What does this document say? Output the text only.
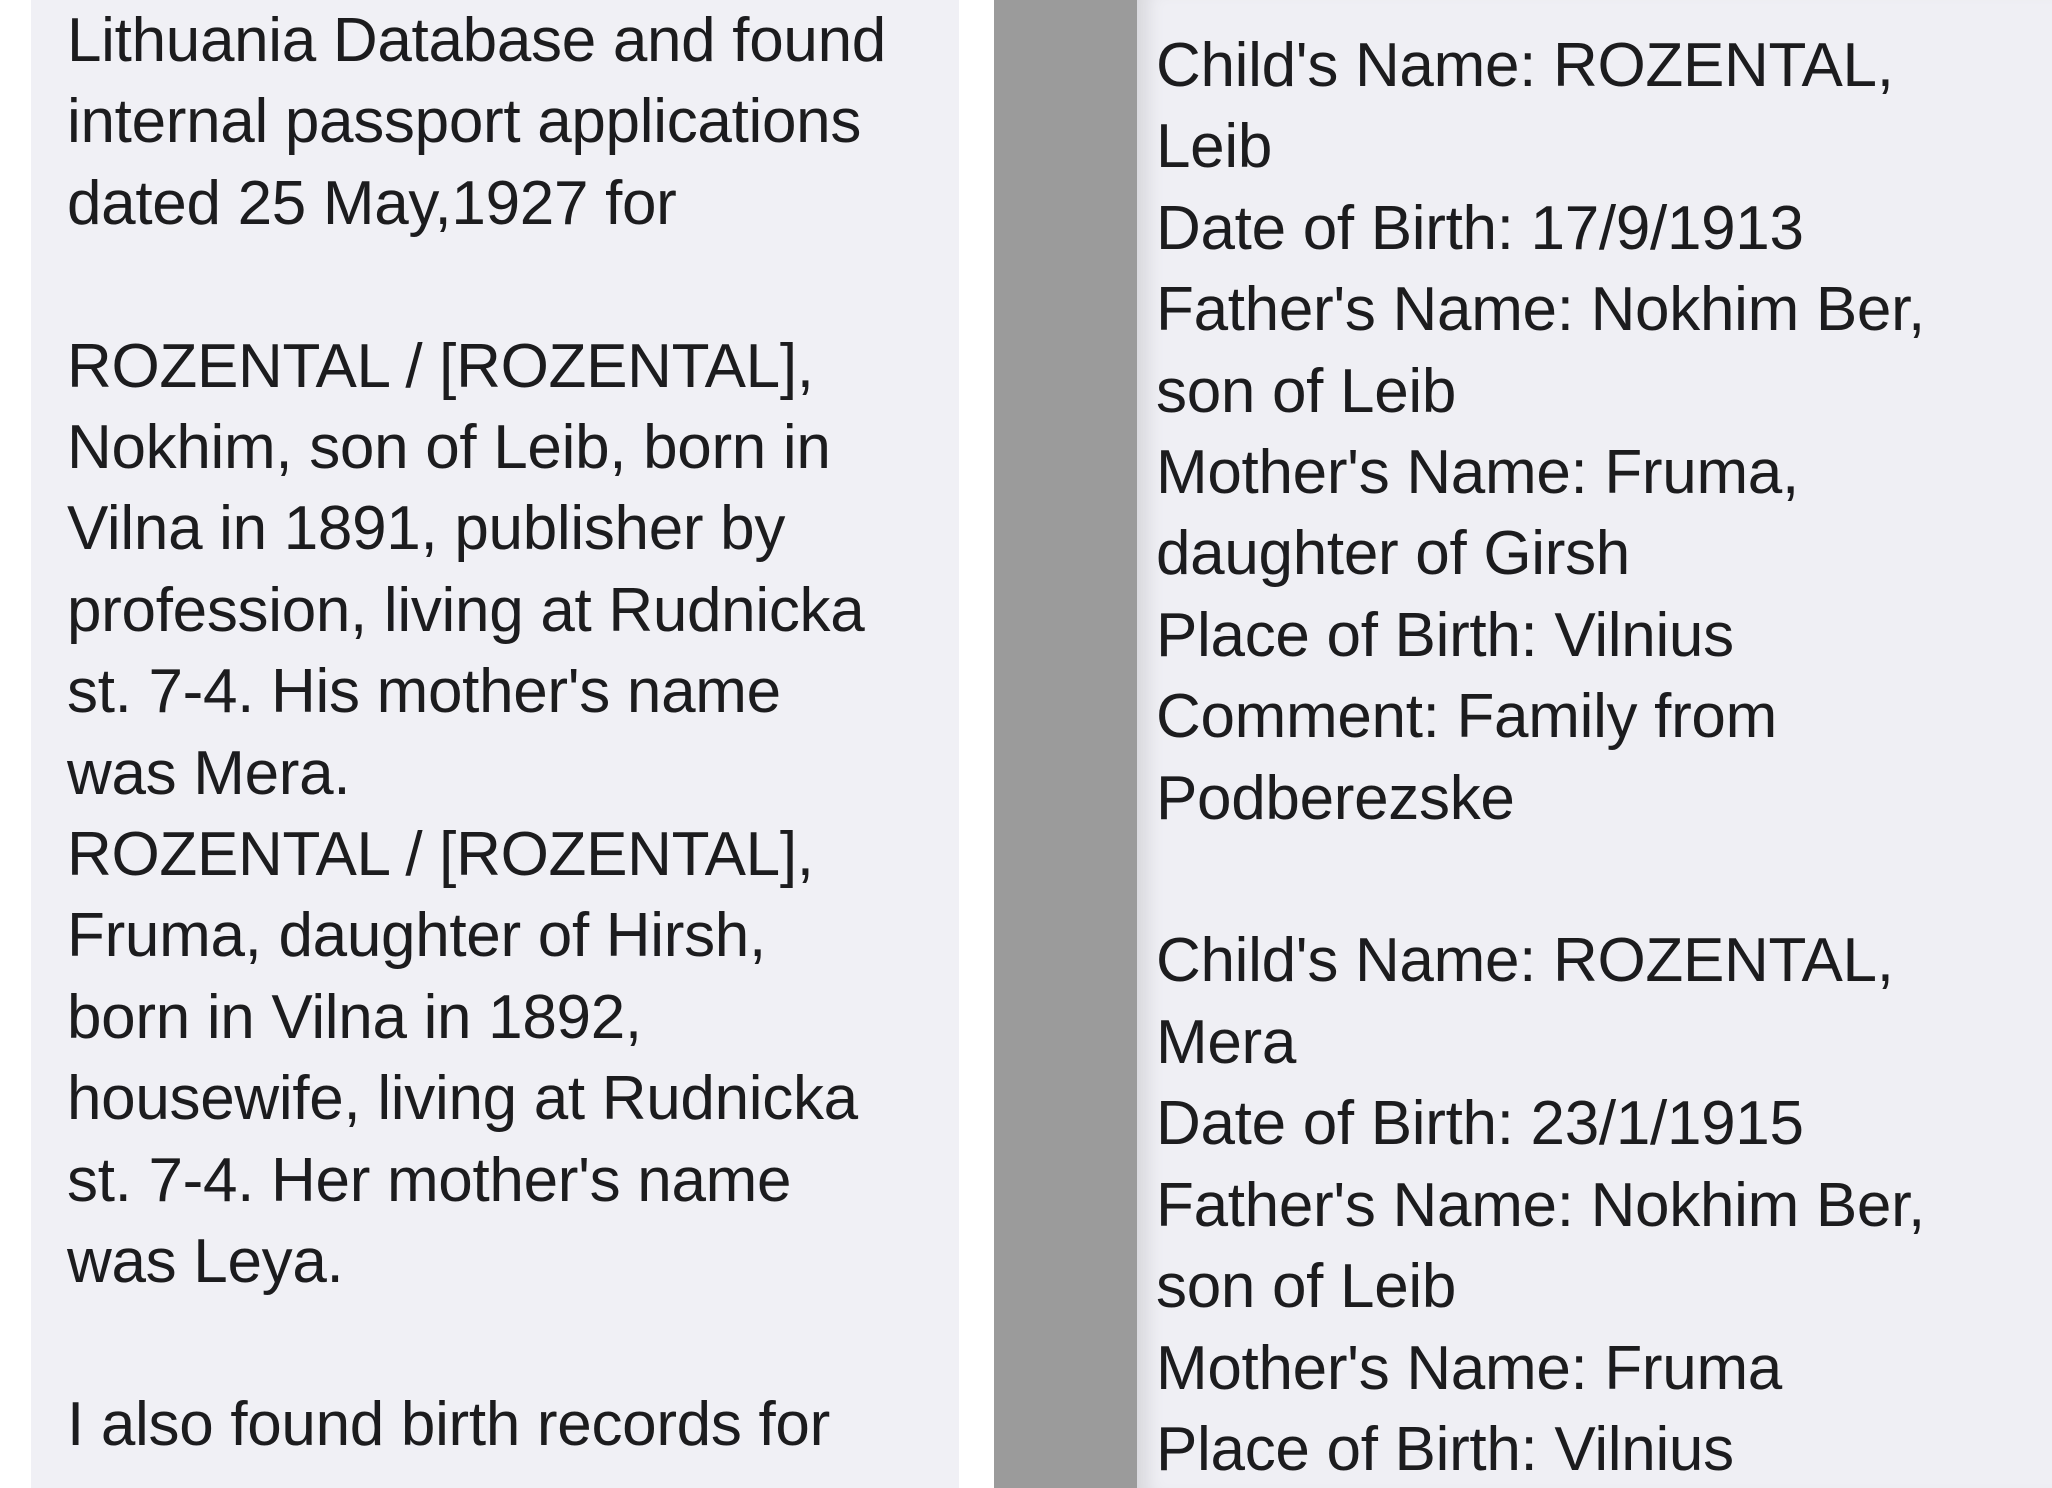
Lithuania Database and found
internal passport applications
dated 25 May,1927 for

ROZENTAL / [ROZENTAL],
Nokhim, son of Leib, born in
Vilna in 1891, publisher by
profession, living at Rudnicka
st. 7-4. His mother's name
was Mera.
ROZENTAL / [ROZENTAL],
Fruma, daughter of Hirsh,
born in Vilna in 1892,
housewife, living at Rudnicka
st. 7-4. Her mother's name
was Leya.

I also found birth records for

Child's Name: ROZENTAL,
Leib
Date of Birth: 17/9/1913
Father's Name: Nokhim Ber,
son of Leib
Mother's Name: Fruma,
daughter of Girsh
Place of Birth: Vilnius
Comment: Family from
Podberezske

Child's Name: ROZENTAL,
Mera
Date of Birth: 23/1/1915
Father's Name: Nokhim Ber,
son of Leib
Mother's Name: Fruma
Place of Birth: Vilnius
